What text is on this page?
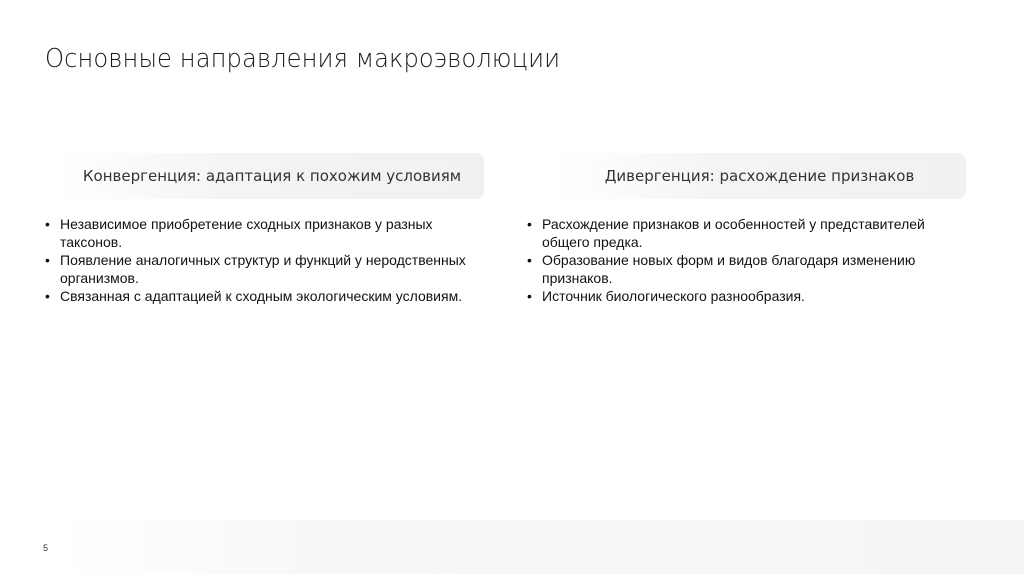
Основные направления макроэволюции
Конвергенция: адаптация к похожим условиям	Дивергенция: расхождение признаков
• Независимое приобретение сходных признаков у разных таксонов.
• Появление аналогичных структур и функций у неродственных организмов.
• Связанная с адаптацией к сходным экологическим условиям.
• Расхождение признаков и особенностей у представителей общего предка.
• Образование новых форм и видов благодаря изменению признаков.
• Источник биологического разнообразия.
5
